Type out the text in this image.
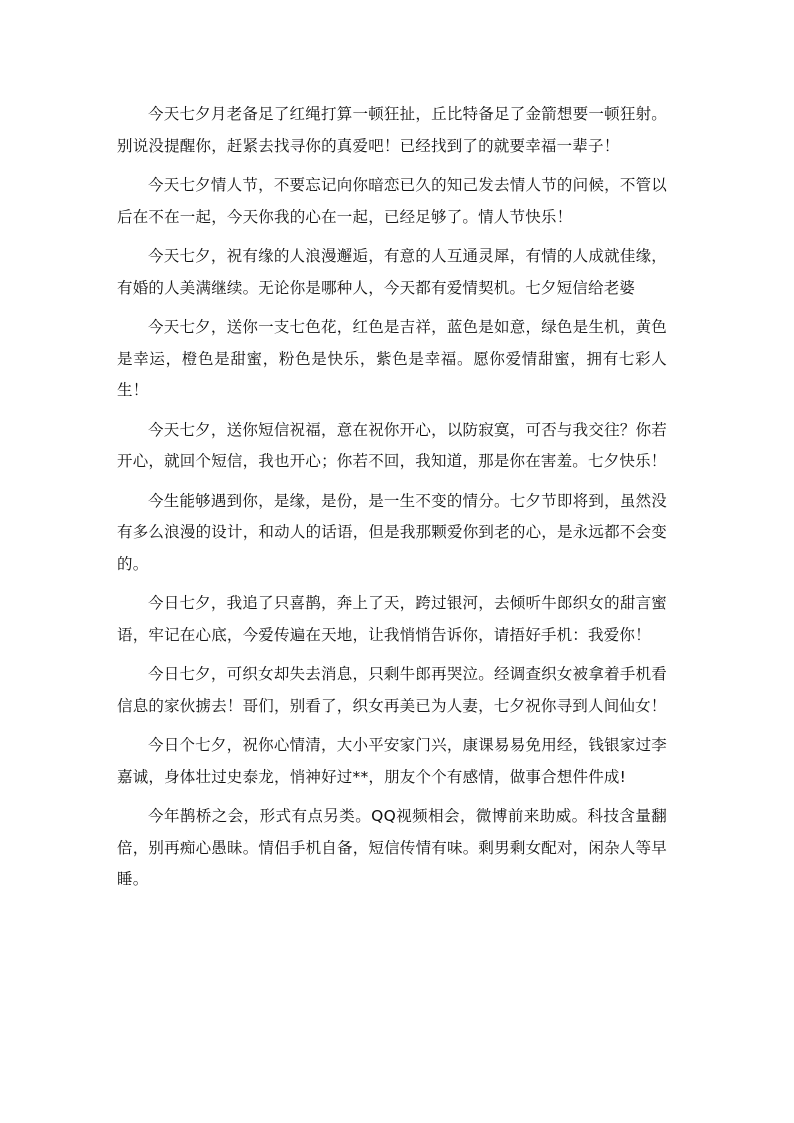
今天七夕月老备足了红绳打算一顿狂扯，丘比特备足了金箭想要一顿狂射。别说没提醒你，赶紧去找寻你的真爱吧！已经找到了的就要幸福一辈子！

今天七夕情人节，不要忘记向你暗恋已久的知己发去情人节的问候，不管以后在不在一起，今天你我的心在一起，已经足够了。情人节快乐！

今天七夕，祝有缘的人浪漫邂逅，有意的人互通灵犀，有情的人成就佳缘，有婚的人美满继续。无论你是哪种人，今天都有爱情契机。七夕短信给老婆

今天七夕，送你一支七色花，红色是吉祥，蓝色是如意，绿色是生机，黄色是幸运，橙色是甜蜜，粉色是快乐，紫色是幸福。愿你爱情甜蜜，拥有七彩人生！

今天七夕，送你短信祝福，意在祝你开心，以防寂寞，可否与我交往？你若开心，就回个短信，我也开心；你若不回，我知道，那是你在害羞。七夕快乐！

今生能够遇到你，是缘，是份，是一生不变的情分。七夕节即将到，虽然没有多么浪漫的设计，和动人的话语，但是我那颗爱你到老的心，是永远都不会变的。

今日七夕，我追了只喜鹊，奔上了天，跨过银河，去倾听牛郎织女的甜言蜜语，牢记在心底，今爱传遍在天地，让我悄悄告诉你，请捂好手机：我爱你！

今日七夕，可织女却失去消息，只剩牛郎再哭泣。经调查织女被拿着手机看信息的家伙掳去！哥们，别看了，织女再美已为人妻，七夕祝你寻到人间仙女！

今日个七夕，祝你心情清，大小平安家门兴，康课易易免用经，钱银家过李嘉诚，身体壮过史泰龙，悄神好过**，朋友个个有感情，做事合想件件成!

今年鹊桥之会，形式有点另类。QQ视频相会，微博前来助威。科技含量翻倍，别再痴心愚昧。情侣手机自备，短信传情有味。剩男剩女配对，闲杂人等早睡。
